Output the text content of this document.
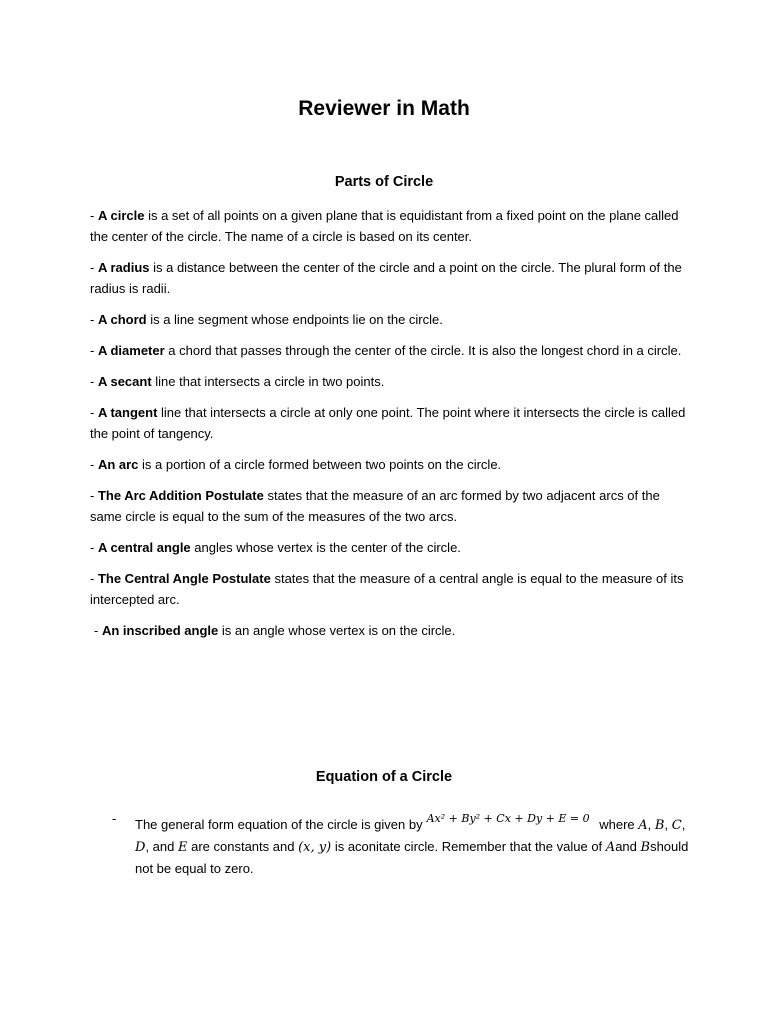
Reviewer in Math
Parts of Circle

- A circle is a set of all points on a given plane that is equidistant from a fixed point on the plane called the center of the circle. The name of a circle is based on its center.

- A radius is a distance between the center of the circle and a point on the circle. The plural form of the radius is radii.

- A chord is a line segment whose endpoints lie on the circle.

- A diameter a chord that passes through the center of the circle. It is also the longest chord in a circle.

- A secant line that intersects a circle in two points.

- A tangent line that intersects a circle at only one point. The point where it intersects the circle is called the point of tangency.

- An arc is a portion of a circle formed between two points on the circle.

- The Arc Addition Postulate states that the measure of an arc formed by two adjacent arcs of the same circle is equal to the sum of the measures of the two arcs.

- A central angle angles whose vertex is the center of the circle.

- The Central Angle Postulate states that the measure of a central angle is equal to the measure of its intercepted arc.

- An inscribed angle is an angle whose vertex is on the circle.

Equation of a Circle
- The general form equation of the circle is given by Ax² + By² + Cx + Dy + E = 0 where A, B, C, D, and E are constants and (x, y) is aconitate circle. Remember that the value of Aand Bshould not be equal to zero.
